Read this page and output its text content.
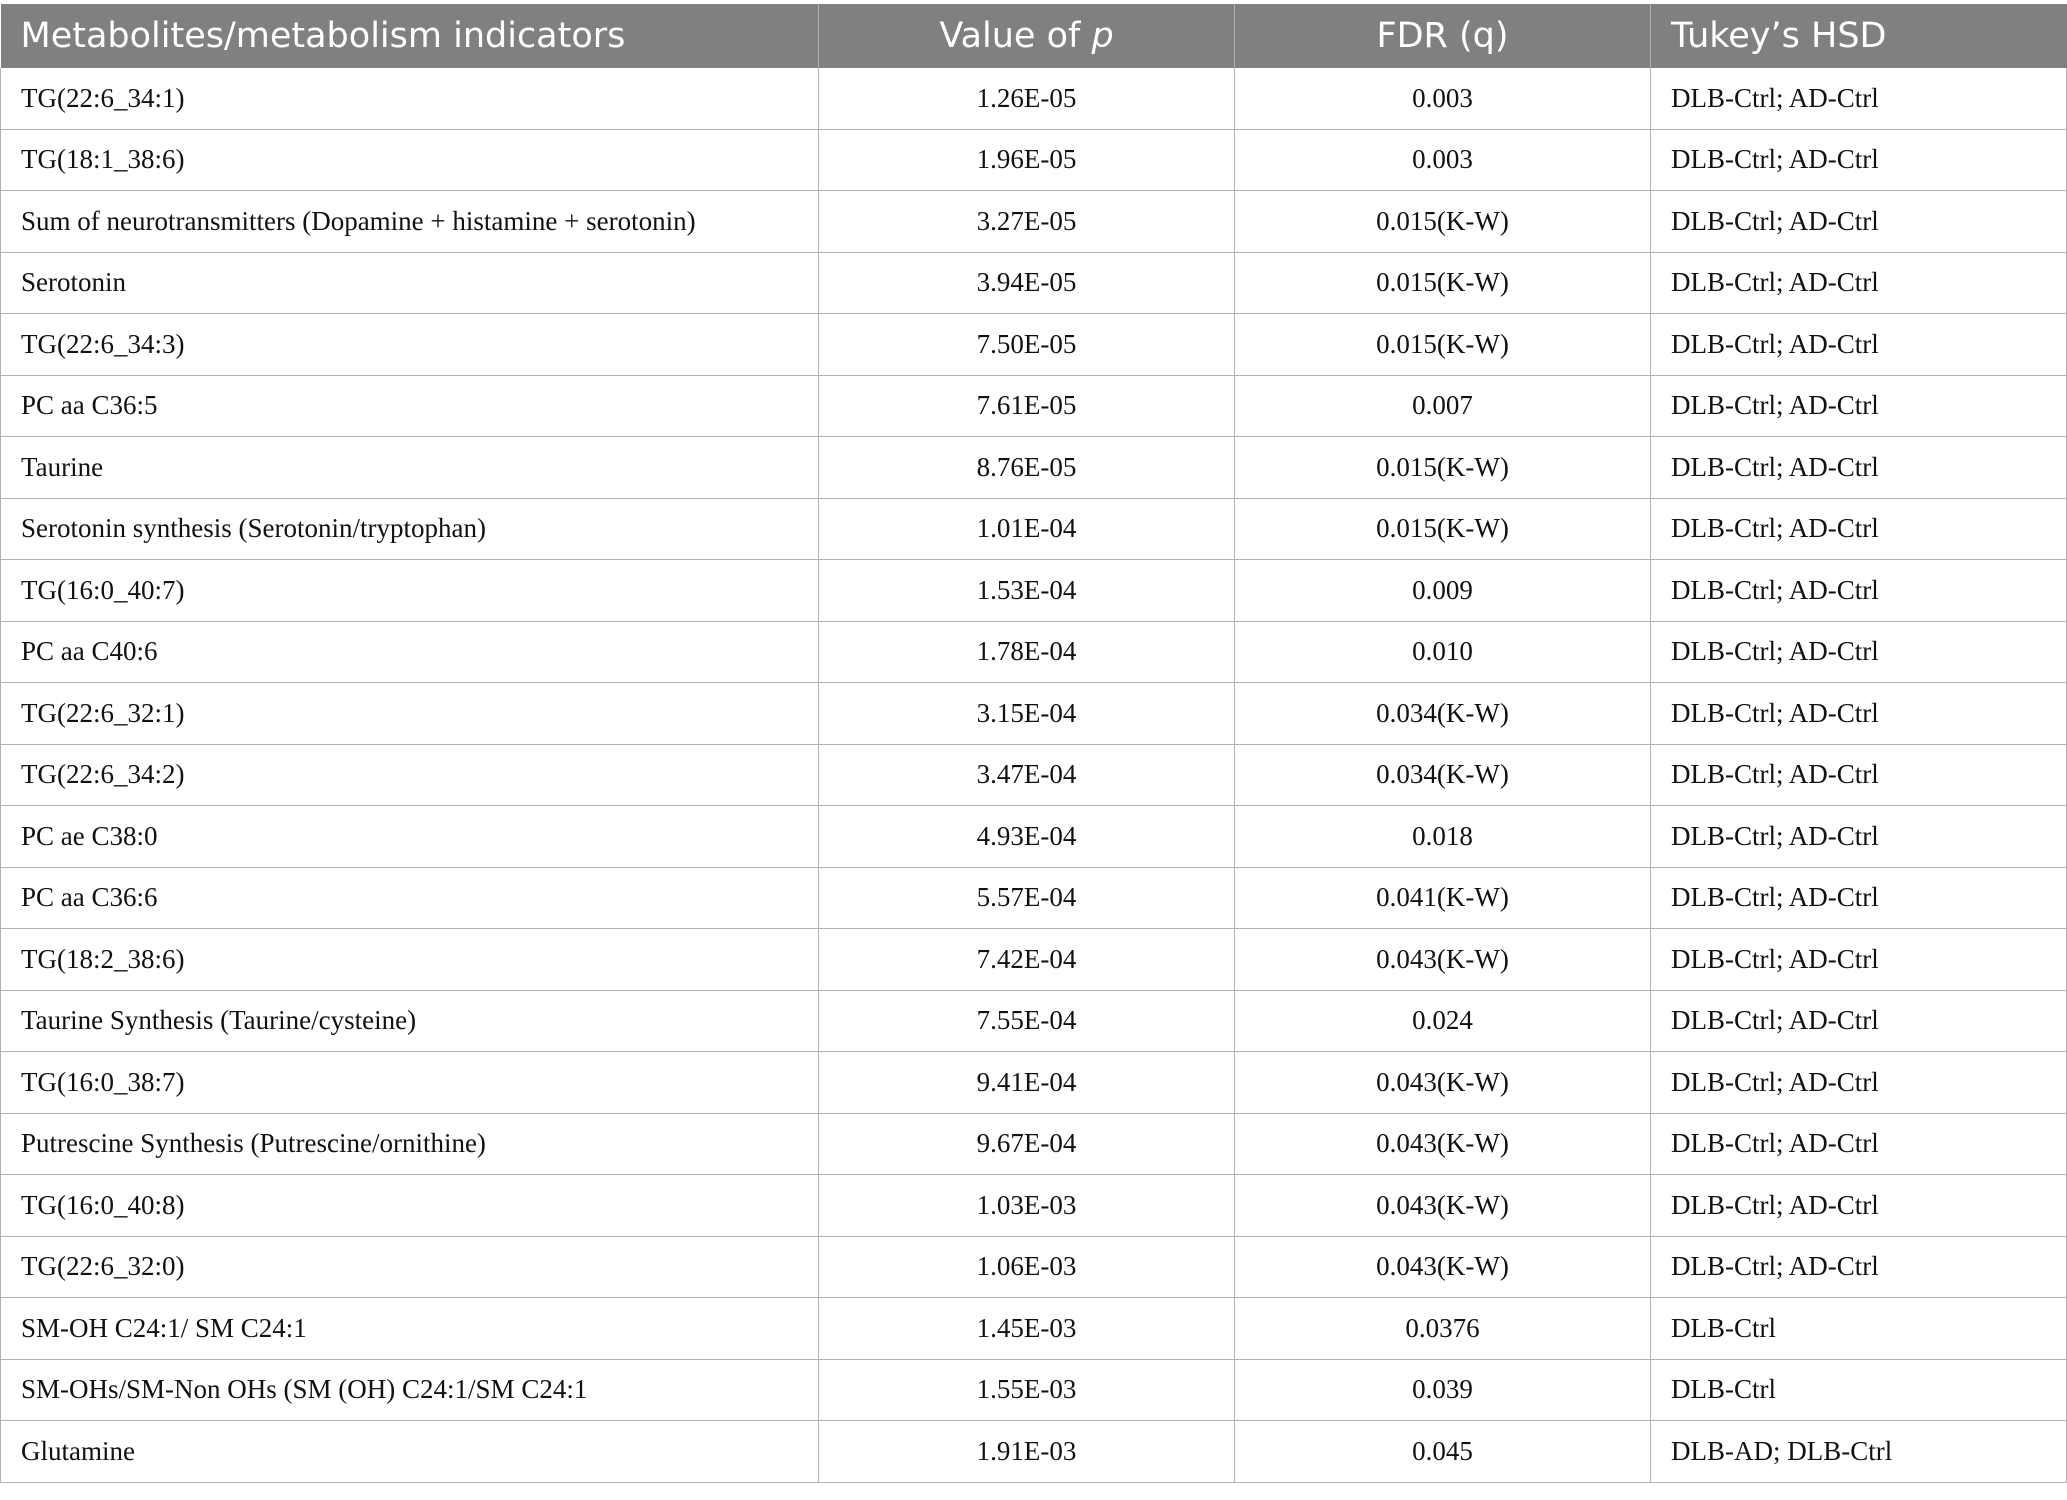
Metabolites/metabolism indicators	Value of p	FDR (q)	Tukey’s HSD
TG(22:6_34:1)	1.26E-05	0.003	DLB-Ctrl; AD-Ctrl
TG(18:1_38:6)	1.96E-05	0.003	DLB-Ctrl; AD-Ctrl
Sum of neurotransmitters (Dopamine + histamine + serotonin)	3.27E-05	0.015(K-W)	DLB-Ctrl; AD-Ctrl
Serotonin	3.94E-05	0.015(K-W)	DLB-Ctrl; AD-Ctrl
TG(22:6_34:3)	7.50E-05	0.015(K-W)	DLB-Ctrl; AD-Ctrl
PC aa C36:5	7.61E-05	0.007	DLB-Ctrl; AD-Ctrl
Taurine	8.76E-05	0.015(K-W)	DLB-Ctrl; AD-Ctrl
Serotonin synthesis (Serotonin/tryptophan)	1.01E-04	0.015(K-W)	DLB-Ctrl; AD-Ctrl
TG(16:0_40:7)	1.53E-04	0.009	DLB-Ctrl; AD-Ctrl
PC aa C40:6	1.78E-04	0.010	DLB-Ctrl; AD-Ctrl
TG(22:6_32:1)	3.15E-04	0.034(K-W)	DLB-Ctrl; AD-Ctrl
TG(22:6_34:2)	3.47E-04	0.034(K-W)	DLB-Ctrl; AD-Ctrl
PC ae C38:0	4.93E-04	0.018	DLB-Ctrl; AD-Ctrl
PC aa C36:6	5.57E-04	0.041(K-W)	DLB-Ctrl; AD-Ctrl
TG(18:2_38:6)	7.42E-04	0.043(K-W)	DLB-Ctrl; AD-Ctrl
Taurine Synthesis (Taurine/cysteine)	7.55E-04	0.024	DLB-Ctrl; AD-Ctrl
TG(16:0_38:7)	9.41E-04	0.043(K-W)	DLB-Ctrl; AD-Ctrl
Putrescine Synthesis (Putrescine/ornithine)	9.67E-04	0.043(K-W)	DLB-Ctrl; AD-Ctrl
TG(16:0_40:8)	1.03E-03	0.043(K-W)	DLB-Ctrl; AD-Ctrl
TG(22:6_32:0)	1.06E-03	0.043(K-W)	DLB-Ctrl; AD-Ctrl
SM-OH C24:1/ SM C24:1	1.45E-03	0.0376	DLB-Ctrl
SM-OHs/SM-Non OHs (SM (OH) C24:1/SM C24:1	1.55E-03	0.039	DLB-Ctrl
Glutamine	1.91E-03	0.045	DLB-AD; DLB-Ctrl
